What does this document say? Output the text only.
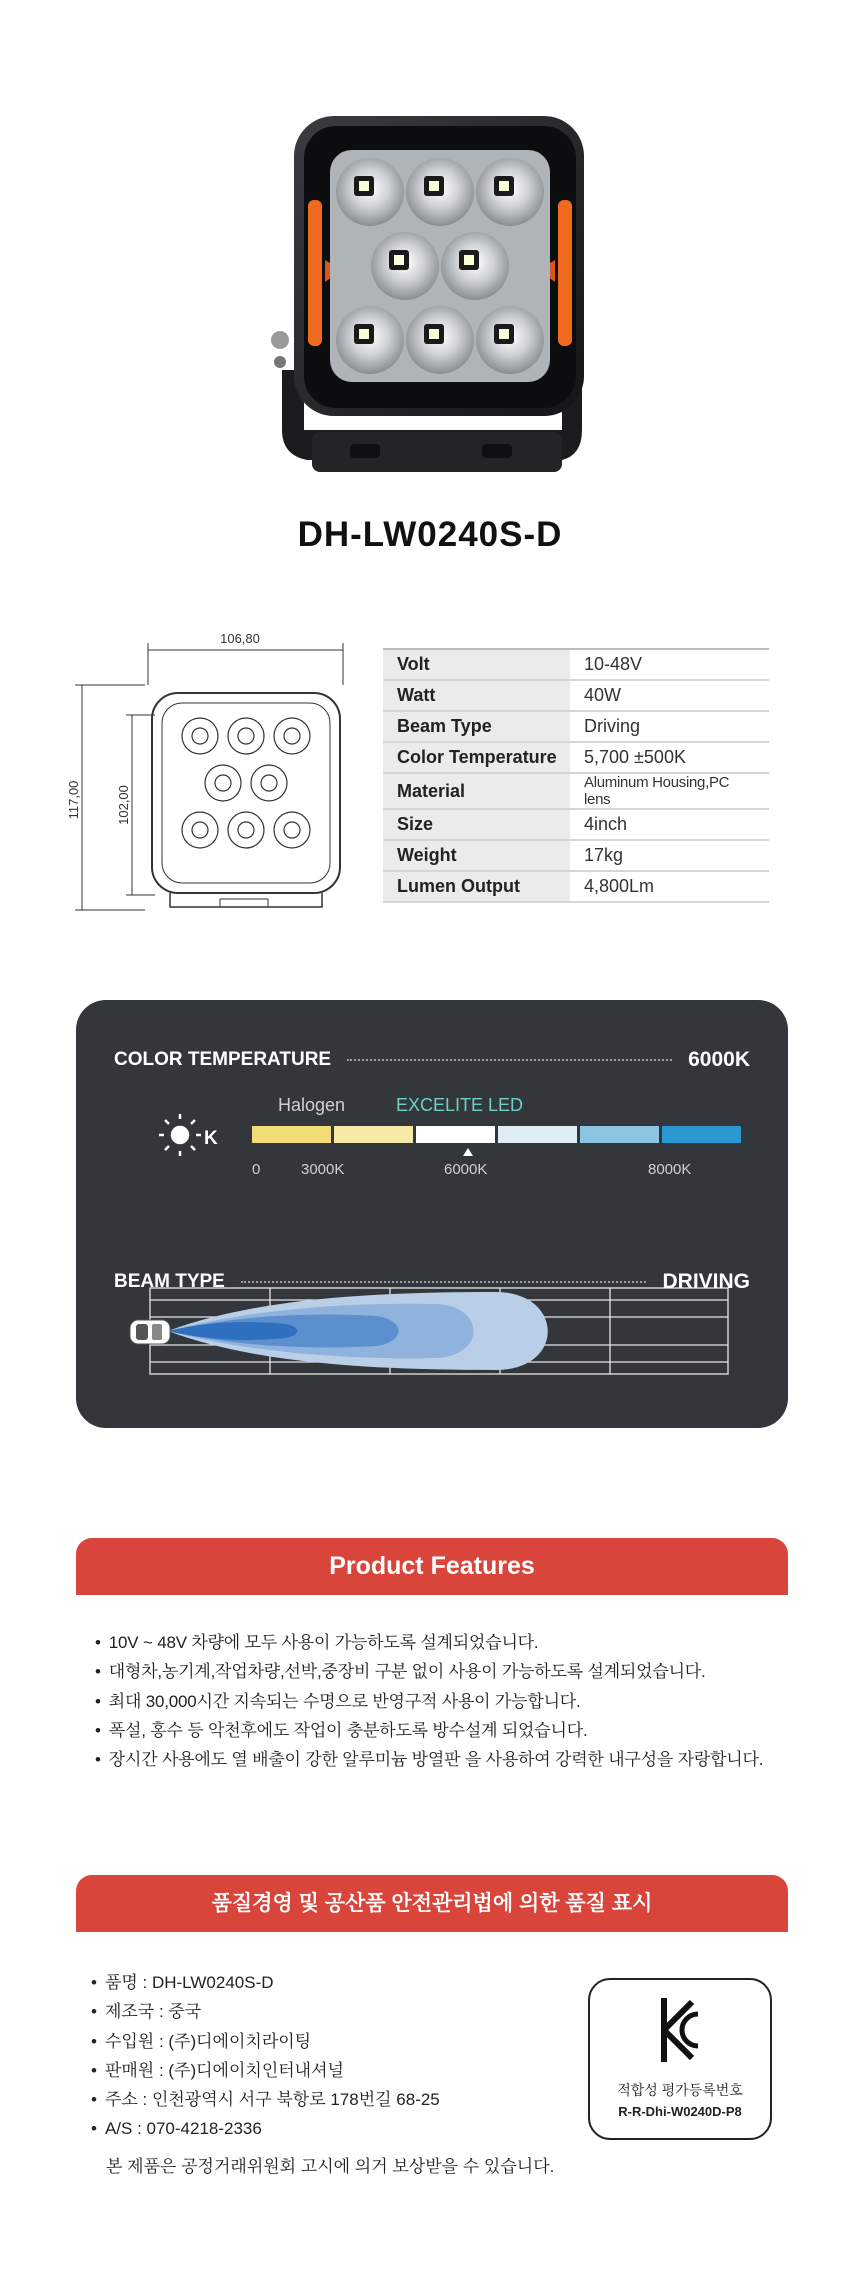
DH-LW0240S-D
106,80
117,00	102,00
Volt	10-48V
Watt	40W
Beam Type	Driving
Color Temperature	5,700 ±500K
Material	Aluminum Housing,PC lens
Size	4inch
Weight	17kg
Lumen Output	4,800Lm
COLOR TEMPERATURE	6000K
K
Halogen	EXCELITE LED
0	3000K	6000K	8000K
BEAM TYPE	DRIVING
Product Features
• 10V ~ 48V 차량에 모두 사용이 가능하도록 설계되었습니다.
• 대형차,농기계,작업차량,선박,중장비 구분 없이 사용이 가능하도록 설계되었습니다.
• 최대 30,000시간 지속되는 수명으로 반영구적 사용이 가능합니다.
• 폭설, 홍수 등 악천후에도 작업이 충분하도록 방수설계 되었습니다.
• 장시간 사용에도 열 배출이 강한 알루미늄 방열판 을 사용하여 강력한 내구성을 자랑합니다.
품질경영 및 공산품 안전관리법에 의한 품질 표시
• 품명 : DH-LW0240S-D
• 제조국 : 중국
• 수입원 : (주)디에이치라이팅
• 판매원 : (주)디에이치인터내셔널
• 주소 : 인천광역시 서구 북항로 178번길 68-25
• A/S : 070-4218-2336
본 제품은 공정거래위원회 고시에 의거 보상받을 수 있습니다.
적합성 평가등록번호
R-R-Dhi-W0240D-P8
